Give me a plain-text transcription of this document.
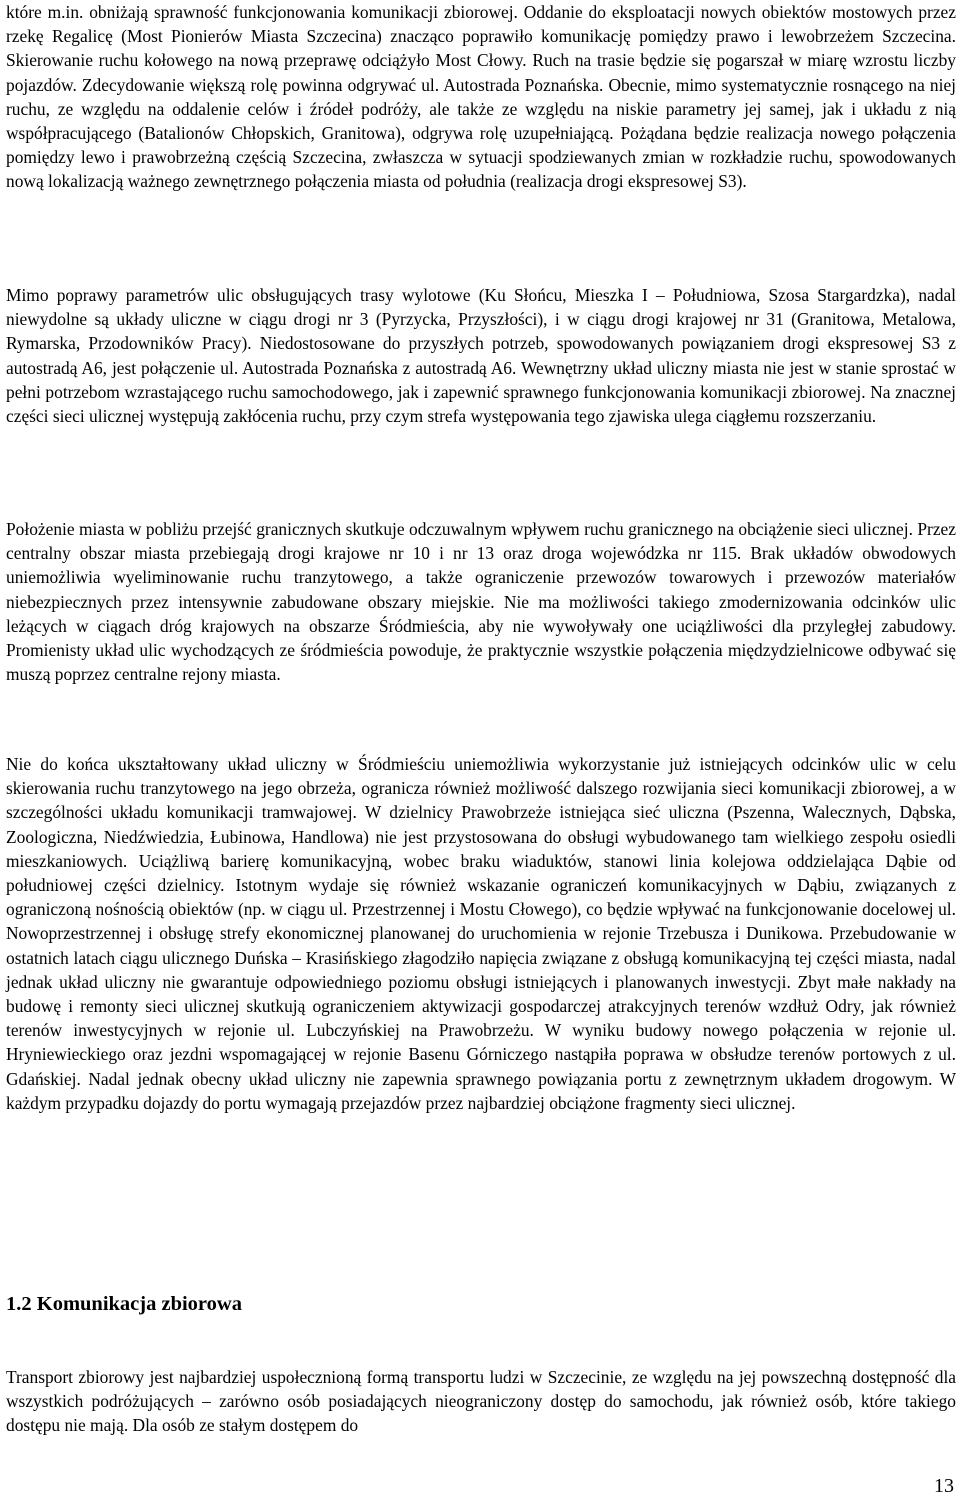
które m.in. obniżają sprawność funkcjonowania komunikacji zbiorowej. Oddanie do eksploatacji nowych obiektów mostowych przez rzekę Regalicę (Most Pionierów Miasta Szczecina) znacząco poprawiło komunikację pomiędzy prawo i lewobrzeżem Szczecina. Skierowanie ruchu kołowego na nową przeprawę odciążyło Most Cłowy. Ruch na trasie będzie się pogarszał w miarę wzrostu liczby pojazdów. Zdecydowanie większą rolę powinna odgrywać ul. Autostrada Poznańska. Obecnie, mimo systematycznie rosnącego na niej ruchu, ze względu na oddalenie celów i źródeł podróży, ale także ze względu na niskie parametry jej samej, jak i układu z nią współpracującego (Batalionów Chłopskich, Granitowa), odgrywa rolę uzupełniającą. Pożądana będzie realizacja nowego połączenia pomiędzy lewo i prawobrzeżną częścią Szczecina, zwłaszcza w sytuacji spodziewanych zmian w rozkładzie ruchu, spowodowanych nową lokalizacją ważnego zewnętrznego połączenia miasta od południa (realizacja drogi ekspresowej S3).

Mimo poprawy parametrów ulic obsługujących trasy wylotowe (Ku Słońcu, Mieszka I – Południowa, Szosa Stargardzka), nadal niewydolne są układy uliczne w ciągu drogi nr 3 (Pyrzycka, Przyszłości), i w ciągu drogi krajowej nr 31 (Granitowa, Metalowa, Rymarska, Przodowników Pracy). Niedostosowane do przyszłych potrzeb, spowodowanych powiązaniem drogi ekspresowej S3 z autostradą A6, jest połączenie ul. Autostrada Poznańska z autostradą A6. Wewnętrzny układ uliczny miasta nie jest w stanie sprostać w pełni potrzebom wzrastającego ruchu samochodowego, jak i zapewnić sprawnego funkcjonowania komunikacji zbiorowej. Na znacznej części sieci ulicznej występują zakłócenia ruchu, przy czym strefa występowania tego zjawiska ulega ciągłemu rozszerzaniu.

Położenie miasta w pobliżu przejść granicznych skutkuje odczuwalnym wpływem ruchu granicznego na obciążenie sieci ulicznej. Przez centralny obszar miasta przebiegają drogi krajowe nr 10 i nr 13 oraz droga wojewódzka nr 115. Brak układów obwodowych uniemożliwia wyeliminowanie ruchu tranzytowego, a także ograniczenie przewozów towarowych i przewozów materiałów niebezpiecznych przez intensywnie zabudowane obszary miejskie. Nie ma możliwości takiego zmodernizowania odcinków ulic leżących w ciągach dróg krajowych na obszarze Śródmieścia, aby nie wywoływały one uciążliwości dla przyległej zabudowy. Promienisty układ ulic wychodzących ze śródmieścia powoduje, że praktycznie wszystkie połączenia międzydzielnicowe odbywać się muszą poprzez centralne rejony miasta.

Nie do końca ukształtowany układ uliczny w Śródmieściu uniemożliwia wykorzystanie już istniejących odcinków ulic w celu skierowania ruchu tranzytowego na jego obrzeża, ogranicza również możliwość dalszego rozwijania sieci komunikacji zbiorowej, a w szczególności układu komunikacji tramwajowej. W dzielnicy Prawobrzeże istniejąca sieć uliczna (Pszenna, Walecznych, Dąbska, Zoologiczna, Niedźwiedzia, Łubinowa, Handlowa) nie jest przystosowana do obsługi wybudowanego tam wielkiego zespołu osiedli mieszkaniowych. Uciążliwą barierę komunikacyjną, wobec braku wiaduktów, stanowi linia kolejowa oddzielająca Dąbie od południowej części dzielnicy. Istotnym wydaje się również wskazanie ograniczeń komunikacyjnych w Dąbiu, związanych z ograniczoną nośnością obiektów (np. w ciągu ul. Przestrzennej i Mostu Cłowego), co będzie wpływać na funkcjonowanie docelowej ul. Nowoprzestrzennej i obsługę strefy ekonomicznej planowanej do uruchomienia w rejonie Trzebusza i Dunikowa. Przebudowanie w ostatnich latach ciągu ulicznego Duńska – Krasińskiego złagodziło napięcia związane z obsługą komunikacyjną tej części miasta, nadal jednak układ uliczny nie gwarantuje odpowiedniego poziomu obsługi istniejących i planowanych inwestycji. Zbyt małe nakłady na budowę i remonty sieci ulicznej skutkują ograniczeniem aktywizacji gospodarczej atrakcyjnych terenów wzdłuż Odry, jak również terenów inwestycyjnych w rejonie ul. Lubczyńskiej na Prawobrzeżu. W wyniku budowy nowego połączenia w rejonie ul. Hryniewieckiego oraz jezdni wspomagającej w rejonie Basenu Górniczego nastąpiła poprawa w obsłudze terenów portowych z ul. Gdańskiej. Nadal jednak obecny układ uliczny nie zapewnia sprawnego powiązania portu z zewnętrznym układem drogowym. W każdym przypadku dojazdy do portu wymagają przejazdów przez najbardziej obciążone fragmenty sieci ulicznej.

1.2 Komunikacja zbiorowa

Transport zbiorowy jest najbardziej uspołecznioną formą transportu ludzi w Szczecinie, ze względu na jej powszechną dostępność dla wszystkich podróżujących – zarówno osób posiadających nieograniczony dostęp do samochodu, jak również osób, które takiego dostępu nie mają. Dla osób ze stałym dostępem do

13
